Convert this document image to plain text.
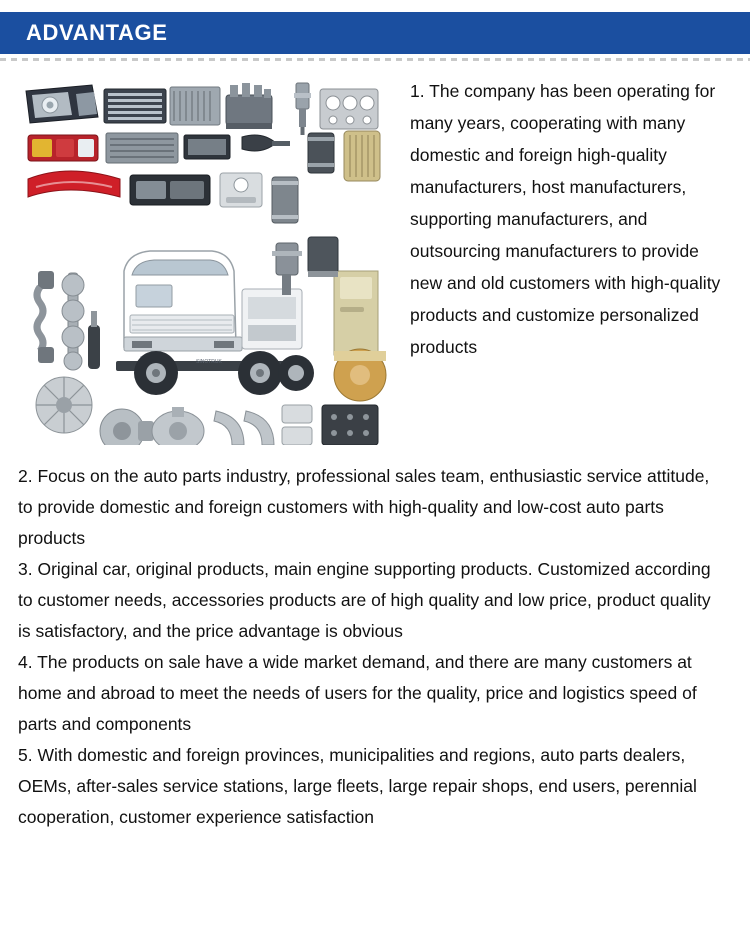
ADVANTAGE
SINOTRUK
1. The company has been operating for many years, cooperating with many domestic and foreign high-quality manufacturers, host manufacturers, supporting manufacturers, and outsourcing manufacturers to provide new and old customers with high-quality products and customize personalized products

2. Focus on the auto parts industry, professional sales team, enthusiastic service attitude, to provide domestic and foreign customers with high-quality and low-cost auto parts products

3. Original car, original products, main engine supporting products. Customized according to customer needs, accessories products are of high quality and low price, product quality is satisfactory, and the price advantage is obvious

4. The products on sale have a wide market demand, and there are many customers at home and abroad to meet the needs of users for the quality, price and logistics speed of parts and components

5. With domestic and foreign provinces, municipalities and regions, auto parts dealers, OEMs, after-sales service stations, large fleets, large repair shops, end users, perennial cooperation, customer experience satisfaction
